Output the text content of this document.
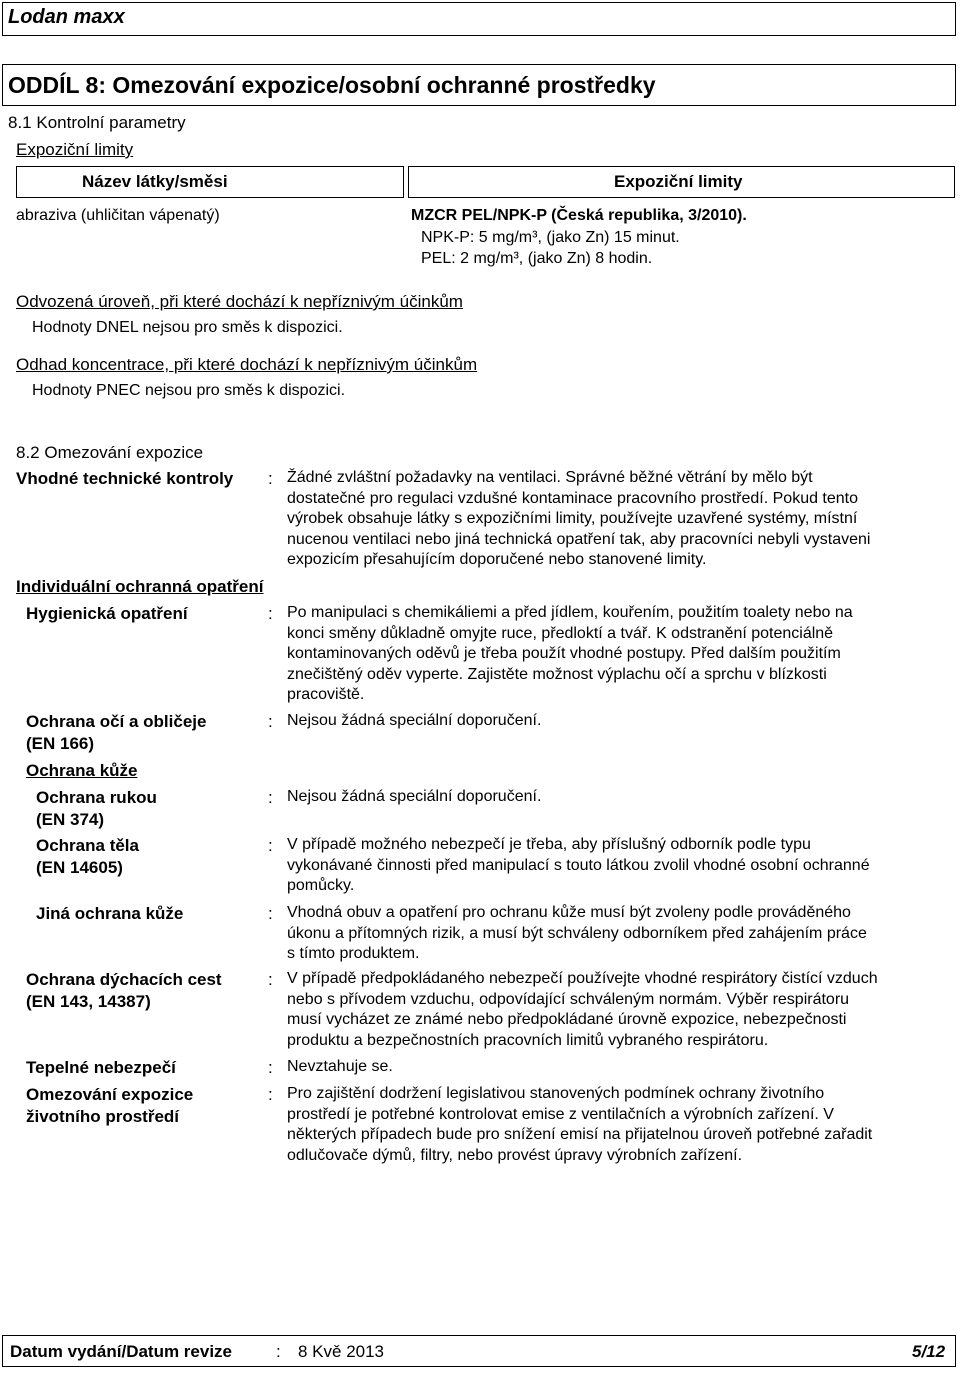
Lodan maxx
ODDÍL 8: Omezování expozice/osobní ochranné prostředky
8.1 Kontrolní parametry
Expoziční limity
Název látky/směsi	Expoziční limity
abraziva (uhličitan vápenatý)	MZCR PEL/NPK-P (Česká republika, 3/2010).
NPK-P: 5 mg/m³, (jako Zn) 15 minut.
PEL: 2 mg/m³, (jako Zn) 8 hodin.
Odvozená úroveň, při které dochází k nepříznivým účinkům
Hodnoty DNEL nejsou pro směs k dispozici.
Odhad koncentrace, při které dochází k nepříznivým účinkům
Hodnoty PNEC nejsou pro směs k dispozici.
8.2 Omezování expozice
Vhodné technické kontroly : Žádné zvláštní požadavky na ventilaci. Správné běžné větrání by mělo být
dostatečné pro regulaci vzdušné kontaminace pracovního prostředí. Pokud tento
výrobek obsahuje látky s expozičními limity, používejte uzavřené systémy, místní
nucenou ventilaci nebo jiná technická opatření tak, aby pracovníci nebyli vystaveni
expozicím přesahujícím doporučené nebo stanovené limity.
Individuální ochranná opatření
Hygienická opatření	: Po manipulaci s chemikáliemi a před jídlem, kouřením, použitím toalety nebo na
konci směny důkladně omyjte ruce, předloktí a tvář. K odstranění potenciálně
kontaminovaných oděvů je třeba použít vhodné postupy. Před dalším použitím
znečištěný oděv vyperte. Zajistěte možnost výplachu očí a sprchu v blízkosti
pracoviště.
Ochrana očí a obličeje
(EN 166)
: Nejsou žádná speciální doporučení.
Ochrana kůže
Ochrana rukou
(EN 374)
: Nejsou žádná speciální doporučení.
Ochrana těla
(EN 14605)
: V případě možného nebezpečí je třeba, aby příslušný odborník podle typu
vykonávané činnosti před manipulací s touto látkou zvolil vhodné osobní ochranné
pomůcky.
Jiná ochrana kůže	: Vhodná obuv a opatření pro ochranu kůže musí být zvoleny podle prováděného
úkonu a přítomných rizik, a musí být schváleny odborníkem před zahájením práce
s tímto produktem.
Ochrana dýchacích cest
(EN 143, 14387)
: V případě předpokládaného nebezpečí používejte vhodné respirátory čistící vzduch
nebo s přívodem vzduchu, odpovídající schváleným normám. Výběr respirátoru
musí vycházet ze známé nebo předpokládané úrovně expozice, nebezpečnosti
produktu a bezpečnostních pracovních limitů vybraného respirátoru.
Tepelné nebezpečí	: Nevztahuje se.
Omezování expozice
životního prostředí
: Pro zajištění dodržení legislativou stanovených podmínek ochrany životního
prostředí je potřebné kontrolovat emise z ventilačních a výrobních zařízení. V
některých případech bude pro snížení emisí na přijatelnou úroveň potřebné zařadit
odlučovače dýmů, filtry, nebo provést úpravy výrobních zařízení.
Datum vydání/Datum revize	: 8 Kvě 2013	5/12
